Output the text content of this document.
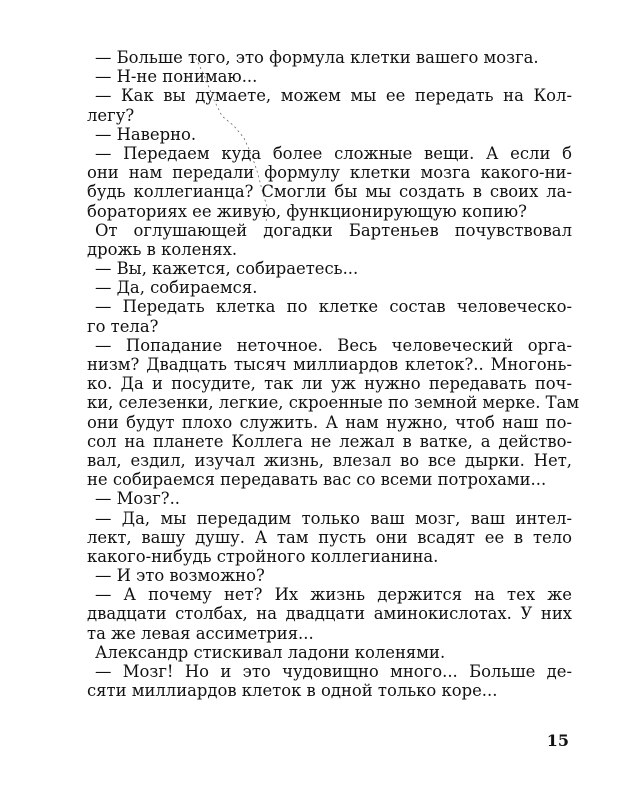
— Больше того, это формула клетки вашего мозга.
— Н-не понимаю...
— Как вы думаете, можем мы ее передать на Кол-
легу?
— Наверно.
— Передаем куда более сложные вещи. А если б
они нам передали формулу клетки мозга какого-ни-
будь коллегианца? Смогли бы мы создать в своих ла-
бораториях ее живую, функционирующую копию?
От оглушающей догадки Бартеньев почувствовал
дрожь в коленях.
— Вы, кажется, собираетесь...
— Да, собираемся.
— Передать клетка по клетке состав человеческо-
го тела?
— Попадание неточное. Весь человеческий орга-
низм? Двадцать тысяч миллиардов клеток?.. Многонь-
ко. Да и посудите, так ли уж нужно передавать поч-
ки, селезенки, легкие, скроенные по земной мерке. Там
они будут плохо служить. А нам нужно, чтоб наш по-
сол на планете Коллега не лежал в ватке, а действо-
вал, ездил, изучал жизнь, влезал во все дырки. Нет,
не собираемся передавать вас со всеми потрохами...
— Мозг?..
— Да, мы передадим только ваш мозг, ваш интел-
лект, вашу душу. А там пусть они всадят ее в тело
какого-нибудь стройного коллегианина.
— И это возможно?
— А почему нет? Их жизнь держится на тех же
двадцати столбах, на двадцати аминокислотах. У них
та же левая ассиметрия...
Александр стискивал ладони коленями.
— Мозг! Но и это чудовищно много... Больше де-
сяти миллиардов клеток в одной только коре...
15
